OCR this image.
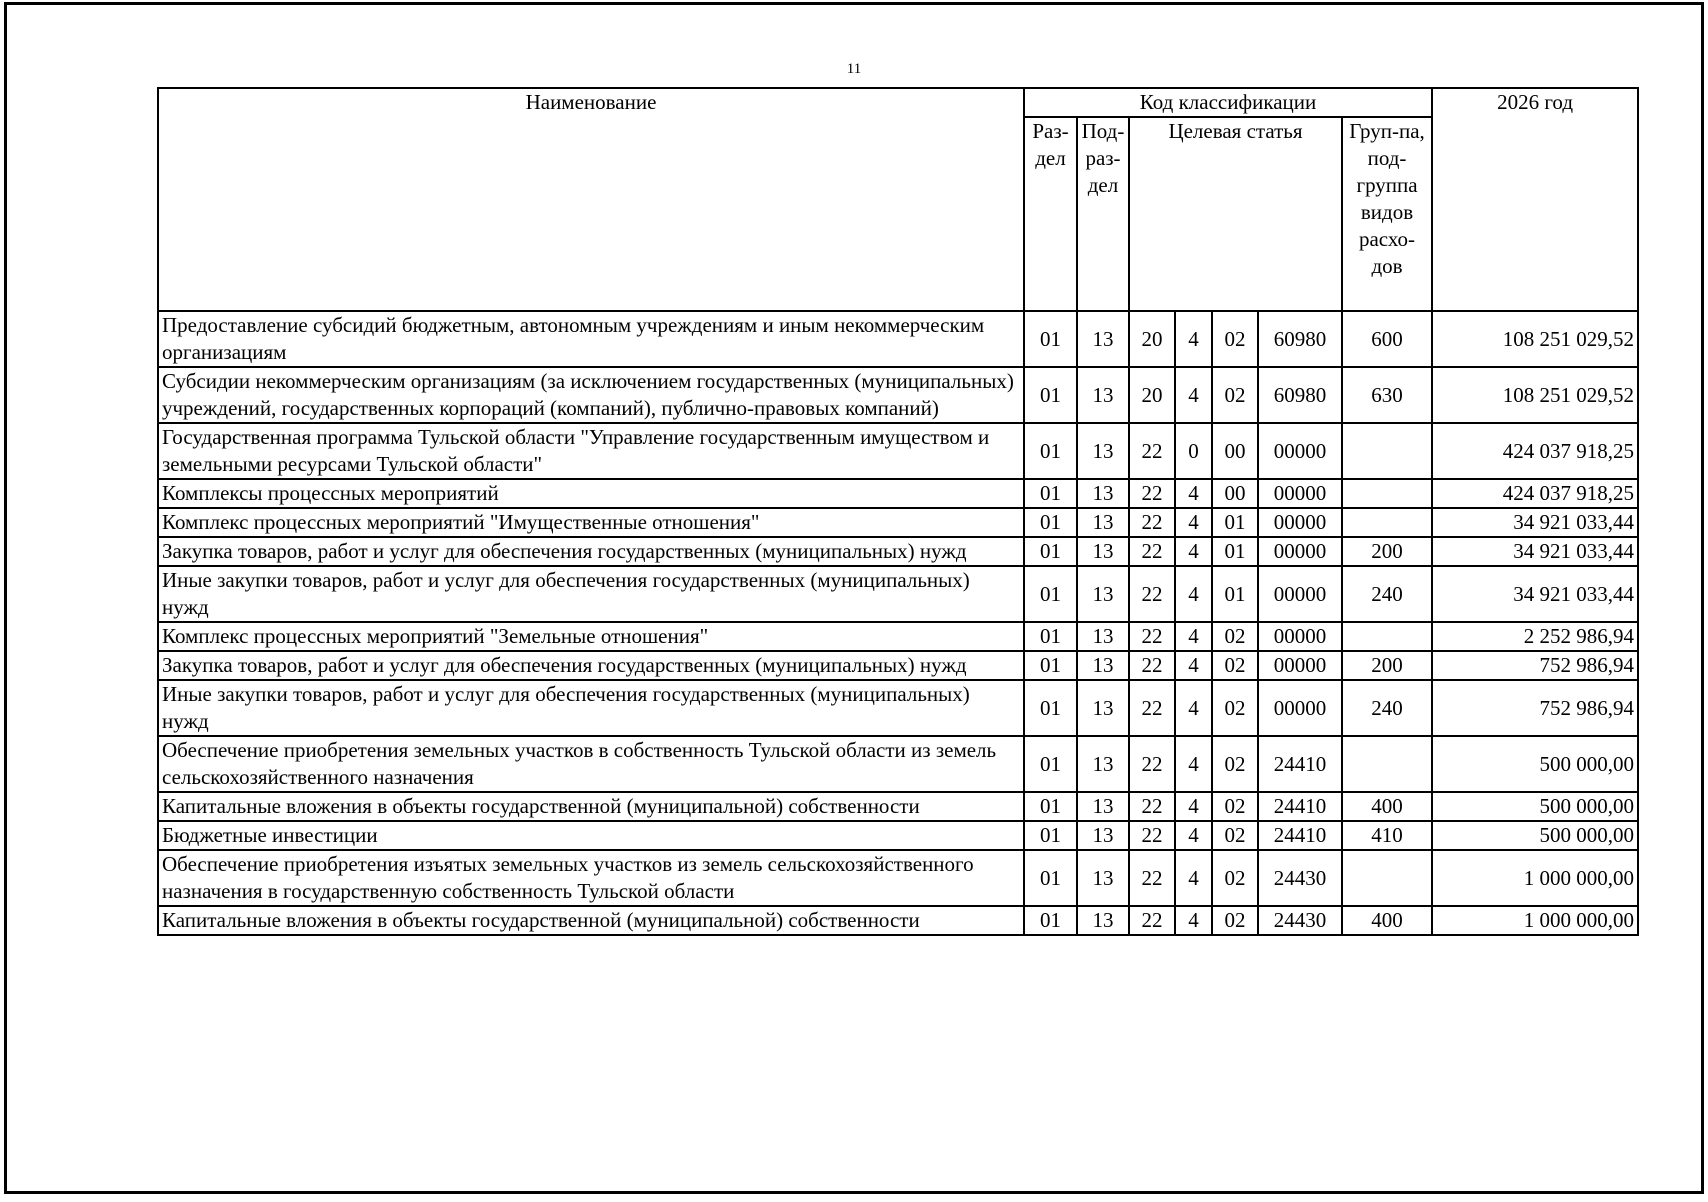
11
Наименование	Код классификации							2026 год
	Раз-дел	Под-раз-дел	Целевая статья				Груп-па, под-группа видов расхо-дов	
Предоставление субсидий бюджетным, автономным учреждениям и иным некоммерческим организациям	01	13	20	4	02	60980	600	108 251 029,52
Субсидии некоммерческим организациям (за исключением государственных (муниципальных) учреждений, государственных корпораций (компаний), публично-правовых компаний)	01	13	20	4	02	60980	630	108 251 029,52
Государственная программа Тульской области "Управление государственным имуществом и земельными ресурсами Тульской области"	01	13	22	0	00	00000		424 037 918,25
Комплексы процессных мероприятий	01	13	22	4	00	00000		424 037 918,25
Комплекс процессных мероприятий "Имущественные отношения"	01	13	22	4	01	00000		34 921 033,44
Закупка товаров, работ и услуг для обеспечения государственных (муниципальных) нужд	01	13	22	4	01	00000	200	34 921 033,44
Иные закупки товаров, работ и услуг для обеспечения государственных (муниципальных) нужд	01	13	22	4	01	00000	240	34 921 033,44
Комплекс процессных мероприятий "Земельные отношения"	01	13	22	4	02	00000		2 252 986,94
Закупка товаров, работ и услуг для обеспечения государственных (муниципальных) нужд	01	13	22	4	02	00000	200	752 986,94
Иные закупки товаров, работ и услуг для обеспечения государственных (муниципальных) нужд	01	13	22	4	02	00000	240	752 986,94
Обеспечение приобретения земельных участков в собственность Тульской области из земель сельскохозяйственного назначения	01	13	22	4	02	24410		500 000,00
Капитальные вложения в объекты государственной (муниципальной) собственности	01	13	22	4	02	24410	400	500 000,00
Бюджетные инвестиции	01	13	22	4	02	24410	410	500 000,00
Обеспечение приобретения изъятых земельных участков из земель сельскохозяйственного назначения в государственную собственность Тульской области	01	13	22	4	02	24430		1 000 000,00
Капитальные вложения в объекты государственной (муниципальной) собственности	01	13	22	4	02	24430	400	1 000 000,00
